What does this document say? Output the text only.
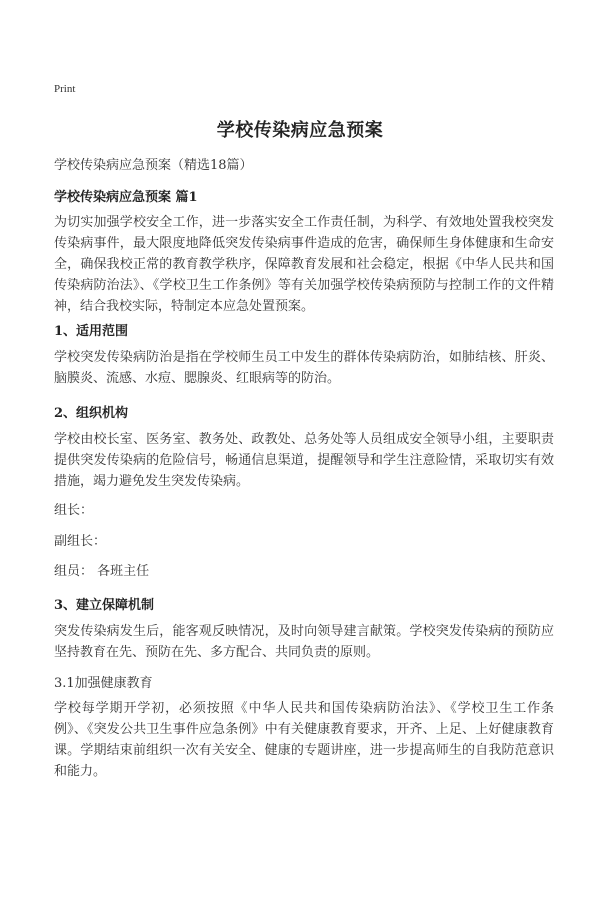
Print
学校传染病应急预案
学校传染病应急预案（精选18篇）
学校传染病应急预案 篇1
为切实加强学校安全工作，进一步落实安全工作责任制，为科学、有效地处置我校突发传染病事件，最大限度地降低突发传染病事件造成的危害，确保师生身体健康和生命安全，确保我校正常的教育教学秩序，保障教育发展和社会稳定，根据《中华人民共和国传染病防治法》、《学校卫生工作条例》等有关加强学校传染病预防与控制工作的文件精神，结合我校实际，特制定本应急处置预案。
1、适用范围
学校突发传染病防治是指在学校师生员工中发生的群体传染病防治，如肺结核、肝炎、脑膜炎、流感、水痘、腮腺炎、红眼病等的防治。
2、组织机构
学校由校长室、医务室、教务处、政教处、总务处等人员组成安全领导小组，主要职责提供突发传染病的危险信号，畅通信息渠道，提醒领导和学生注意险情，采取切实有效措施，竭力避免发生突发传染病。
组长：
副组长：
组员： 各班主任
3、建立保障机制
突发传染病发生后，能客观反映情况，及时向领导建言献策。学校突发传染病的预防应坚持教育在先、预防在先、多方配合、共同负责的原则。
3.1加强健康教育
学校每学期开学初，必须按照《中华人民共和国传染病防治法》、《学校卫生工作条例》、《突发公共卫生事件应急条例》中有关健康教育要求，开齐、上足、上好健康教育课。学期结束前组织一次有关安全、健康的专题讲座，进一步提高师生的自我防范意识和能力。
